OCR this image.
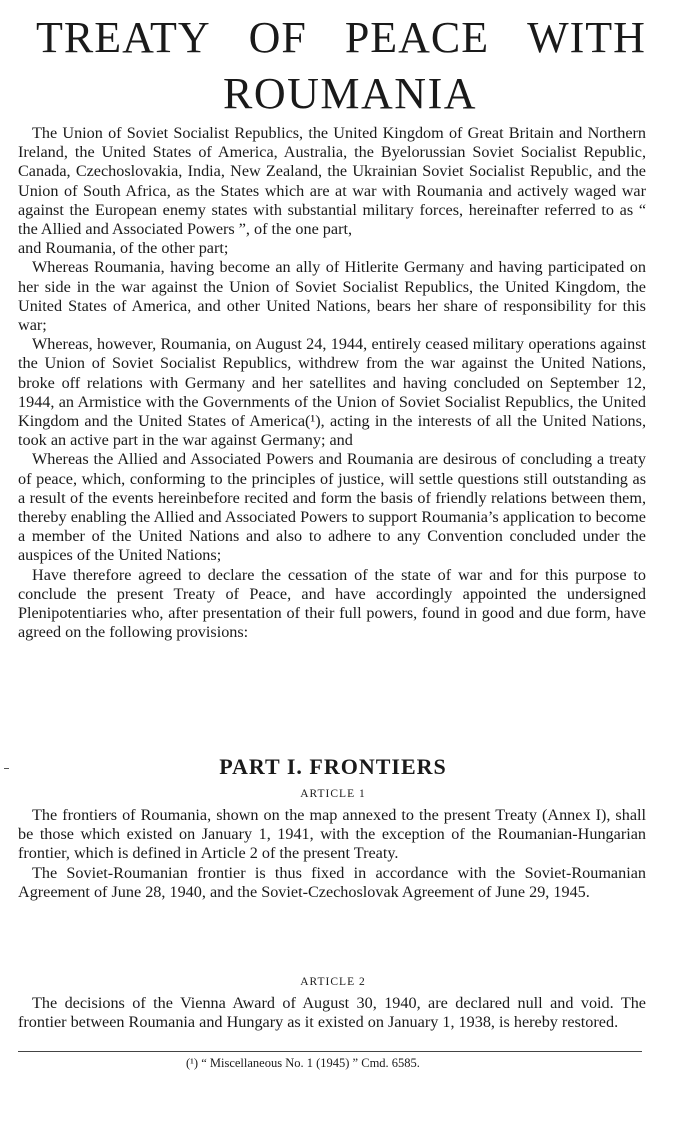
TREATY OF PEACE WITH
ROUMANIA

The Union of Soviet Socialist Republics, the United Kingdom of Great Britain and Northern Ireland, the United States of America, Australia, the Byelorussian Soviet Socialist Republic, Canada, Czechoslovakia, India, New Zealand, the Ukrainian Soviet Socialist Republic, and the Union of South Africa, as the States which are at war with Roumania and actively waged war against the European enemy states with substantial military forces, hereinafter referred to as “ the Allied and Associated Powers ”, of the one part,

and Roumania, of the other part;

Whereas Roumania, having become an ally of Hitlerite Germany and having participated on her side in the war against the Union of Soviet Socialist Republics, the United Kingdom, the United States of America, and other United Nations, bears her share of responsibility for this war;

Whereas, however, Roumania, on August 24, 1944, entirely ceased military operations against the Union of Soviet Socialist Republics, withdrew from the war against the United Nations, broke off relations with Germany and her satellites and having concluded on September 12, 1944, an Armistice with the Governments of the Union of Soviet Socialist Republics, the United Kingdom and the United States of America(¹), acting in the interests of all the United Nations, took an active part in the war against Germany; and

Whereas the Allied and Associated Powers and Roumania are desirous of concluding a treaty of peace, which, conforming to the principles of justice, will settle questions still outstanding as a result of the events hereinbefore recited and form the basis of friendly relations between them, thereby enabling the Allied and Associated Powers to support Roumania’s application to become a member of the United Nations and also to adhere to any Convention concluded under the auspices of the United Nations;

Have therefore agreed to declare the cessation of the state of war and for this purpose to conclude the present Treaty of Peace, and have accordingly appointed the undersigned Plenipotentiaries who, after presentation of their full powers, found in good and due form, have agreed on the following provisions:

PART I. FRONTIERS
ARTICLE 1

The frontiers of Roumania, shown on the map annexed to the present Treaty (Annex I), shall be those which existed on January 1, 1941, with the exception of the Roumanian-Hungarian frontier, which is defined in Article 2 of the present Treaty.

The Soviet-Roumanian frontier is thus fixed in accordance with the Soviet-Roumanian Agreement of June 28, 1940, and the Soviet-Czechoslovak Agreement of June 29, 1945.

ARTICLE 2

The decisions of the Vienna Award of August 30, 1940, are declared null and void. The frontier between Roumania and Hungary as it existed on January 1, 1938, is hereby restored.

(¹) “ Miscellaneous No. 1 (1945) ” Cmd. 6585.
